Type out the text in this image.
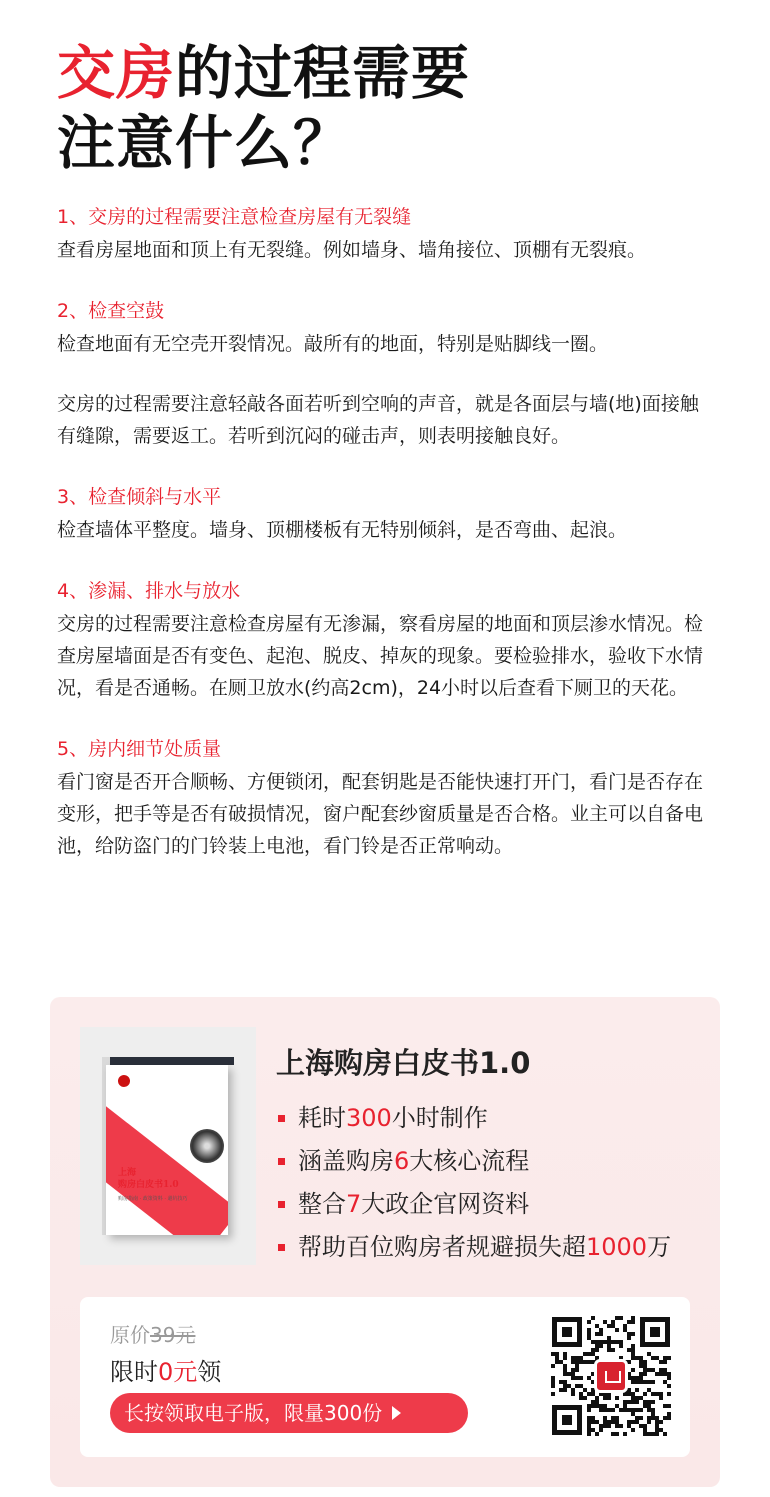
交房的过程需要
注意什么？
1、交房的过程需要注意检查房屋有无裂缝
查看房屋地面和顶上有无裂缝。例如墙身、墙角接位、顶棚有无裂痕。
2、检查空鼓
检查地面有无空壳开裂情况。敲所有的地面，特别是贴脚线一圈。
交房的过程需要注意轻敲各面若听到空响的声音，就是各面层与墙(地)面接触有缝隙，需要返工。若听到沉闷的碰击声，则表明接触良好。
3、检查倾斜与水平
检查墙体平整度。墙身、顶棚楼板有无特别倾斜，是否弯曲、起浪。
4、渗漏、排水与放水
交房的过程需要注意检查房屋有无渗漏，察看房屋的地面和顶层渗水情况。检查房屋墙面是否有变色、起泡、脱皮、掉灰的现象。要检验排水，验收下水情况，看是否通畅。在厕卫放水(约高2cm)，24小时以后查看下厕卫的天花。
5、房内细节处质量
看门窗是否开合顺畅、方便锁闭，配套钥匙是否能快速打开门，看门是否存在变形，把手等是否有破损情况，窗户配套纱窗质量是否合格。业主可以自备电池，给防盗门的门铃装上电池，看门铃是否正常响动。
上海
购房白皮书1.0
购房指南 · 政策资料 · 避坑技巧
上海购房白皮书1.0
耗时 300 小时制作
涵盖购房 6 大核心流程
整合 7 大政企官网资料
帮助百位购房者规避损失超 1000 万
原价39元
限时0元领
长按领取电子版，限量300份
